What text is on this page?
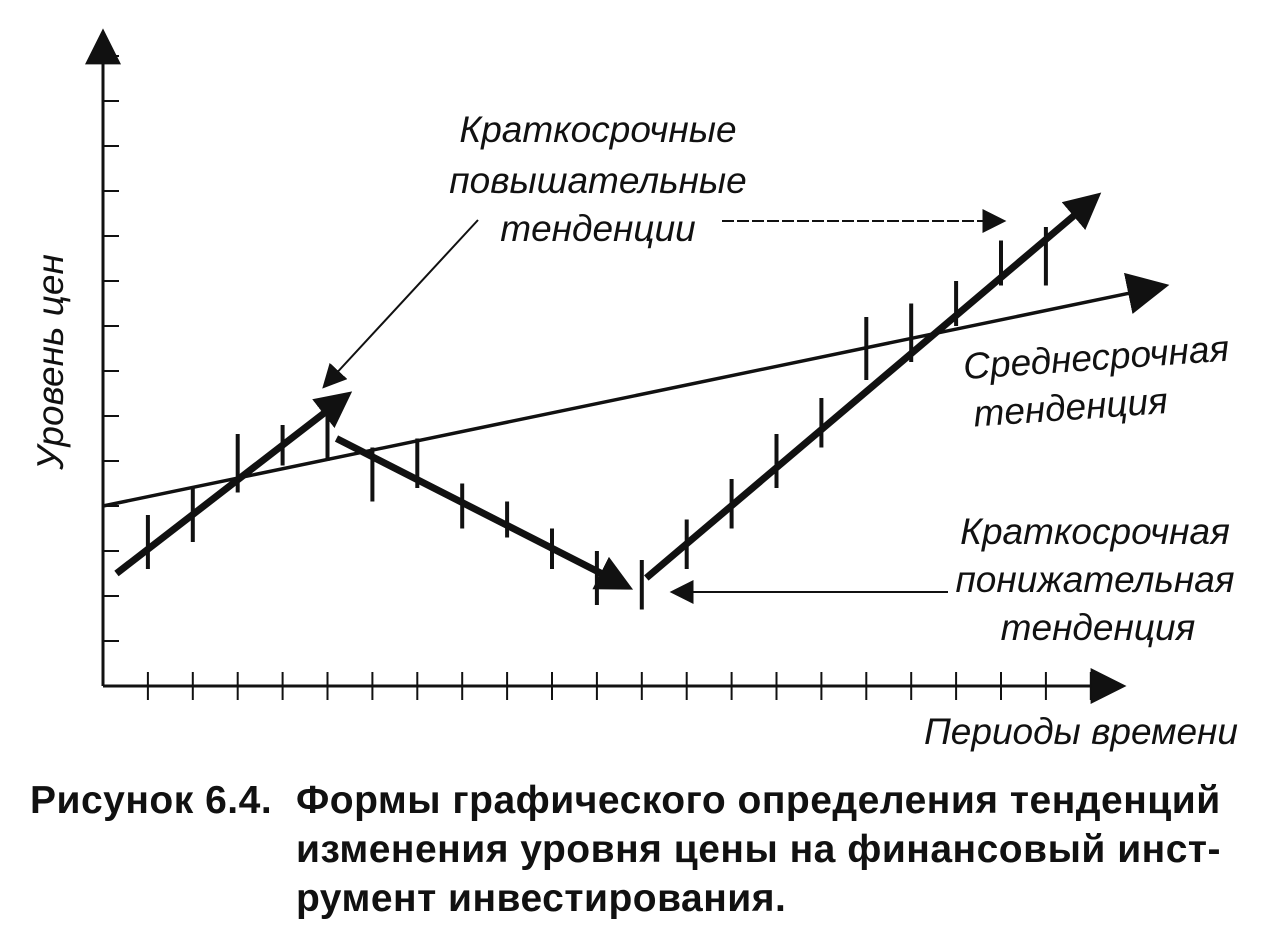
Краткосрочные
повышательные
тенденции
Среднесрочная
тенденция
Краткосрочная
понижательная
тенденция
Уровень цен
Периоды времени
Рисунок 6.4. Формы графического определения тенденций
изменения уровня цены на финансовый инст-
румент инвестирования.
